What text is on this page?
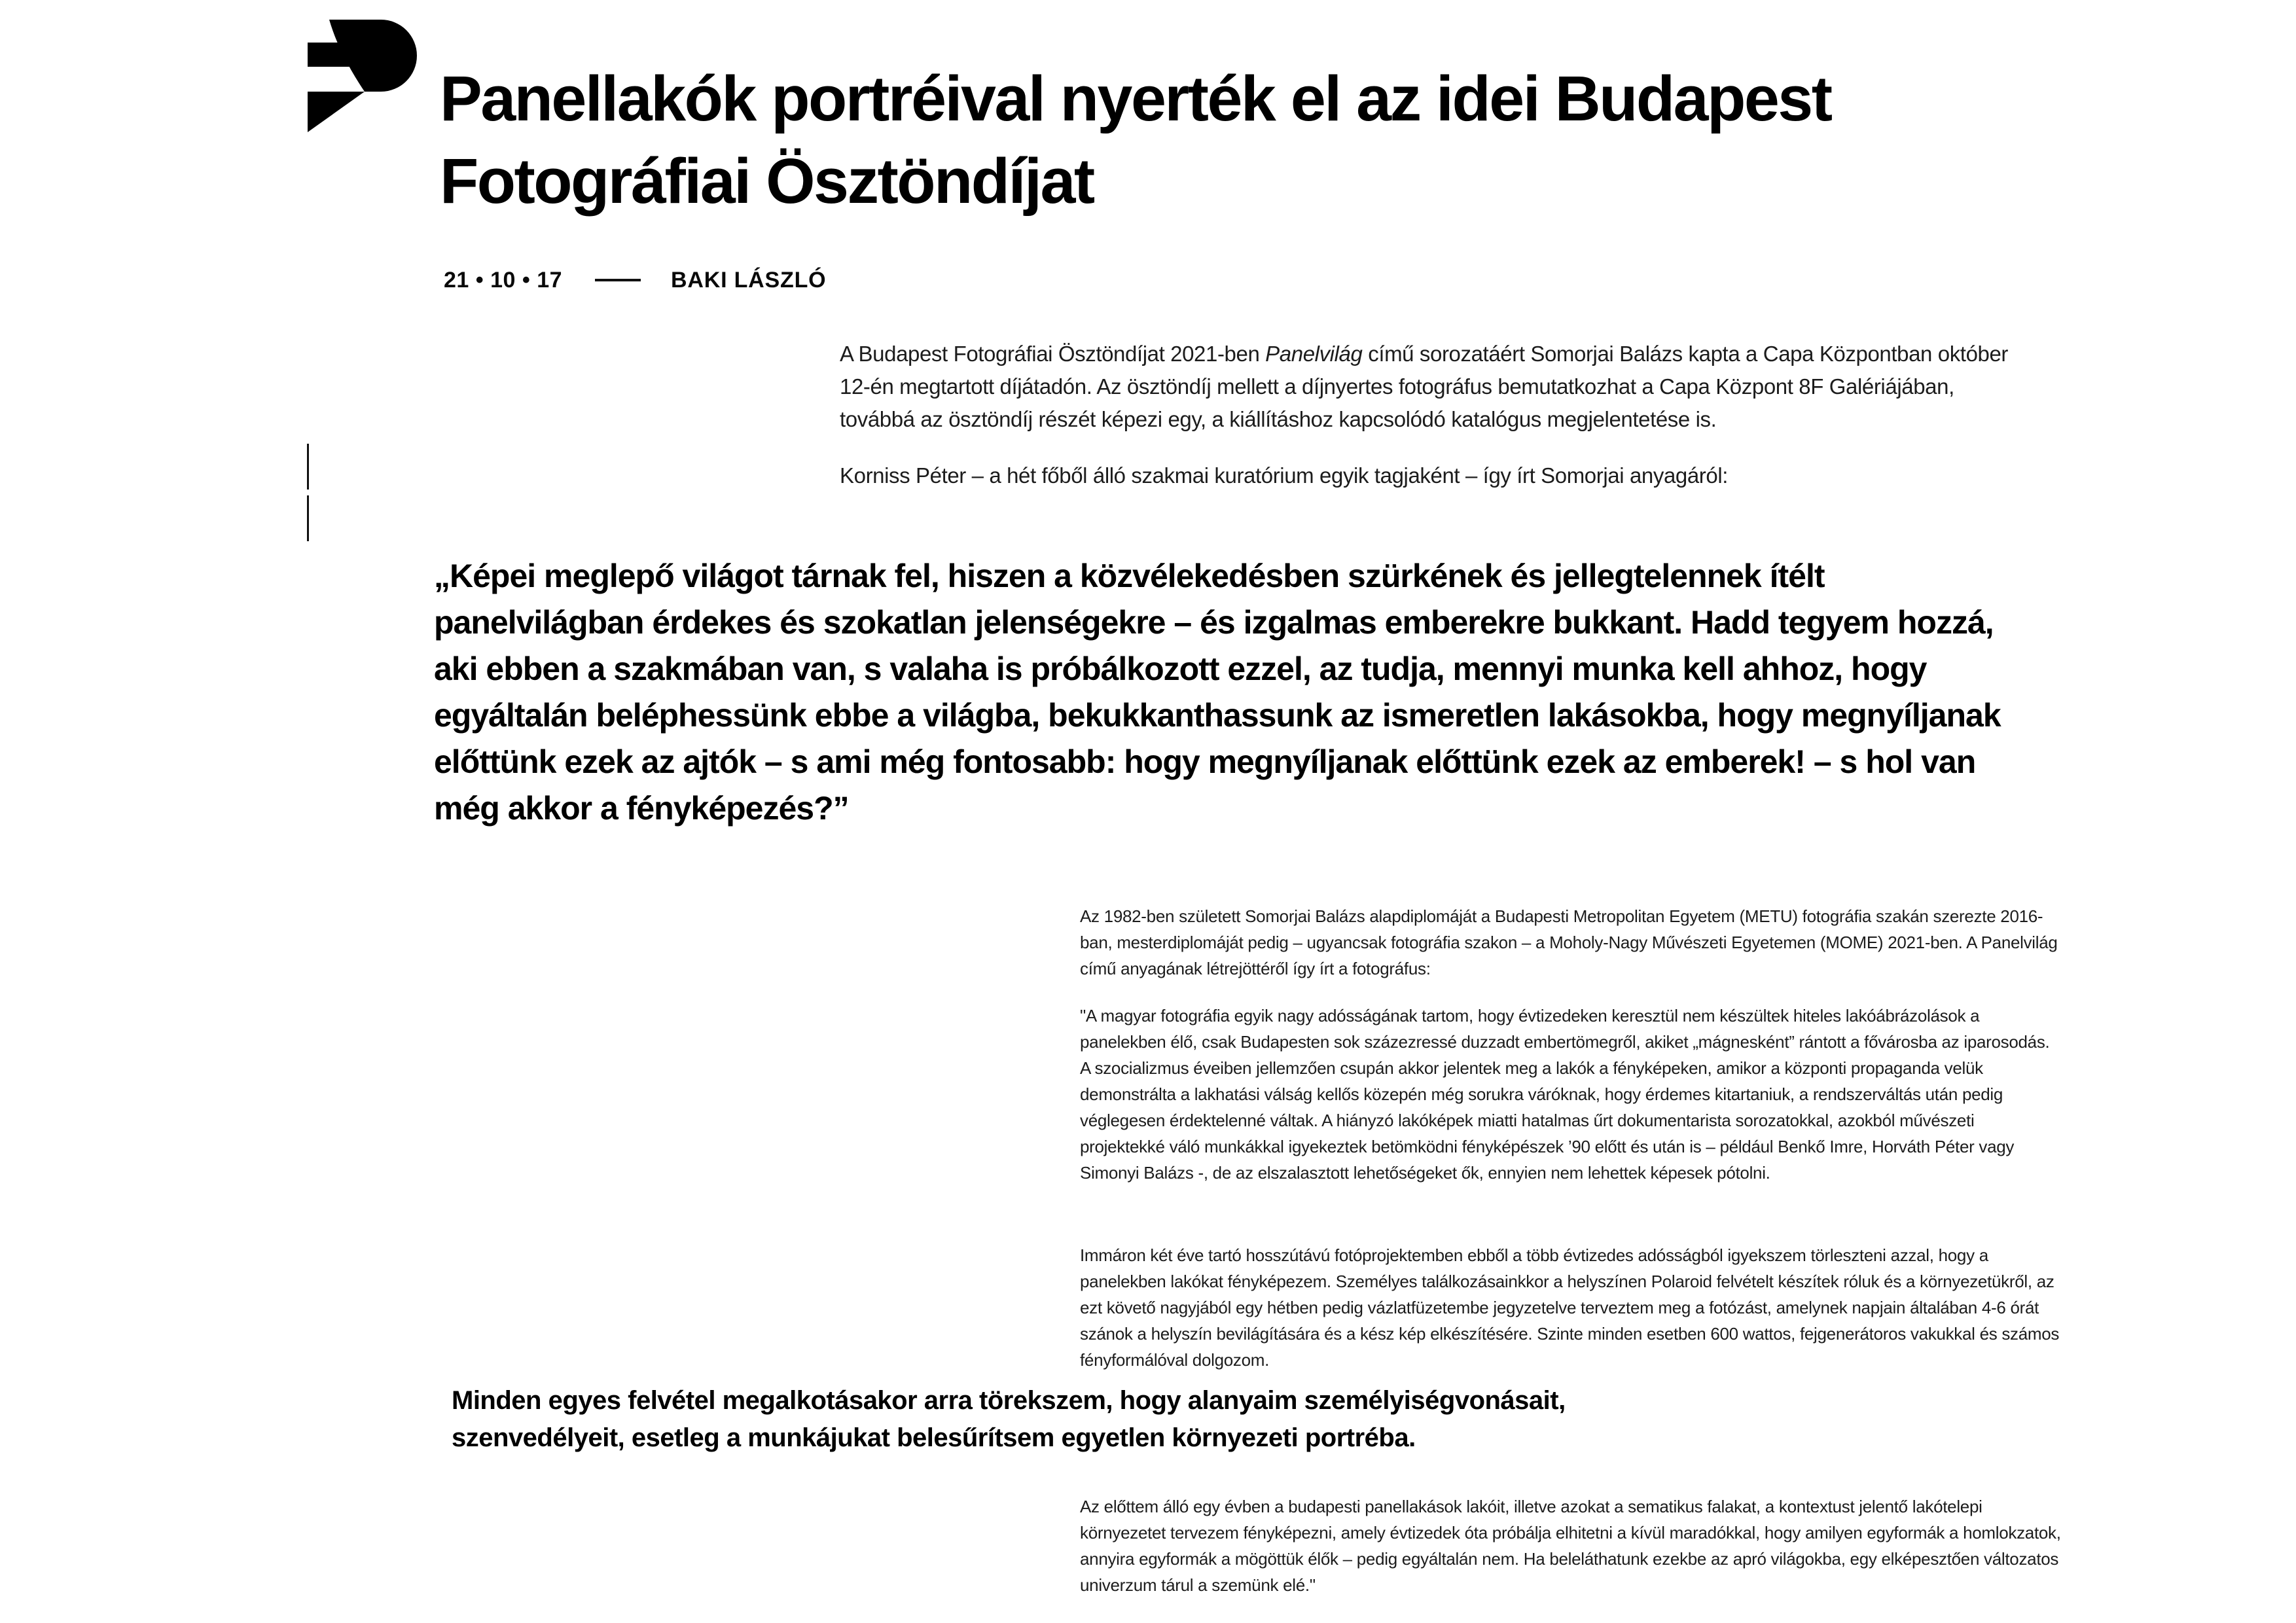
Panellakók portréival nyerték el az idei Budapest Fotográfiai Ösztöndíjat
21 • 10 • 17	BAKI LÁSZLÓ

A Budapest Fotográfiai Ösztöndíjat 2021-ben Panelvilág című sorozatáért Somorjai Balázs kapta a Capa Központban október 12-én megtartott díjátadón. Az ösztöndíj mellett a díjnyertes fotográfus bemutatkozhat a Capa Központ 8F Galériájában, továbbá az ösztöndíj részét képezi egy, a kiállításhoz kapcsolódó katalógus megjelentetése is.

Korniss Péter – a hét főből álló szakmai kuratórium egyik tagjaként – így írt Somorjai anyagáról:

„Képei meglepő világot tárnak fel, hiszen a közvélekedésben szürkének és jellegtelennek ítélt panelvilágban érdekes és szokatlan jelenségekre – és izgalmas emberekre bukkant. Hadd tegyem hozzá, aki ebben a szakmában van, s valaha is próbálkozott ezzel, az tudja, mennyi munka kell ahhoz, hogy egyáltalán beléphessünk ebbe a világba, bekukkanthassunk az ismeretlen lakásokba, hogy megnyíljanak előttünk ezek az ajtók – s ami még fontosabb: hogy megnyíljanak előttünk ezek az emberek! – s hol van még akkor a fényképezés?”

Az 1982-ben született Somorjai Balázs alapdiplomáját a Budapesti Metropolitan Egyetem (METU) fotográfia szakán szerezte 2016-ban, mesterdiplomáját pedig – ugyancsak fotográfia szakon – a Moholy-Nagy Művészeti Egyetemen (MOME) 2021-ben. A Panelvilág című anyagának létrejöttéről így írt a fotográfus:

"A magyar fotográfia egyik nagy adósságának tartom, hogy évtizedeken keresztül nem készültek hiteles lakóábrázolások a panelekben élő, csak Budapesten sok százezressé duzzadt embertömegről, akiket „mágnesként” rántott a fővárosba az iparosodás. A szocializmus éveiben jellemzően csupán akkor jelentek meg a lakók a fényképeken, amikor a központi propaganda velük demonstrálta a lakhatási válság kellős közepén még sorukra váróknak, hogy érdemes kitartaniuk, a rendszerváltás után pedig véglegesen érdektelenné váltak. A hiányzó lakóképek miatti hatalmas űrt dokumentarista sorozatokkal, azokból művészeti projektekké váló munkákkal igyekeztek betömködni fényképészek ’90 előtt és után is – például Benkő Imre, Horváth Péter vagy Simonyi Balázs -, de az elszalasztott lehetőségeket ők, ennyien nem lehettek képesek pótolni.

Immáron két éve tartó hosszútávú fotóprojektemben ebből a több évtizedes adósságból igyekszem törleszteni azzal, hogy a panelekben lakókat fényképezem. Személyes találkozásainkkor a helyszínen Polaroid felvételt készítek róluk és a környezetükről, az ezt követő nagyjából egy hétben pedig vázlatfüzetembe jegyzetelve terveztem meg a fotózást, amelynek napjain általában 4-6 órát szánok a helyszín bevilágítására és a kész kép elkészítésére. Szinte minden esetben 600 wattos, fejgenerátoros vakukkal és számos fényformálóval dolgozom.

Minden egyes felvétel megalkotásakor arra törekszem, hogy alanyaim személyiségvonásait, szenvedélyeit, esetleg a munkájukat belesűrítsem egyetlen környezeti portréba.

Az előttem álló egy évben a budapesti panellakások lakóit, illetve azokat a sematikus falakat, a kontextust jelentő lakótelepi környezetet tervezem fényképezni, amely évtizedek óta próbálja elhitetni a kívül maradókkal, hogy amilyen egyformák a homlokzatok, annyira egyformák a mögöttük élők – pedig egyáltalán nem. Ha beleláthatunk ezekbe az apró világokba, egy elképesztően változatos univerzum tárul a szemünk elé."
